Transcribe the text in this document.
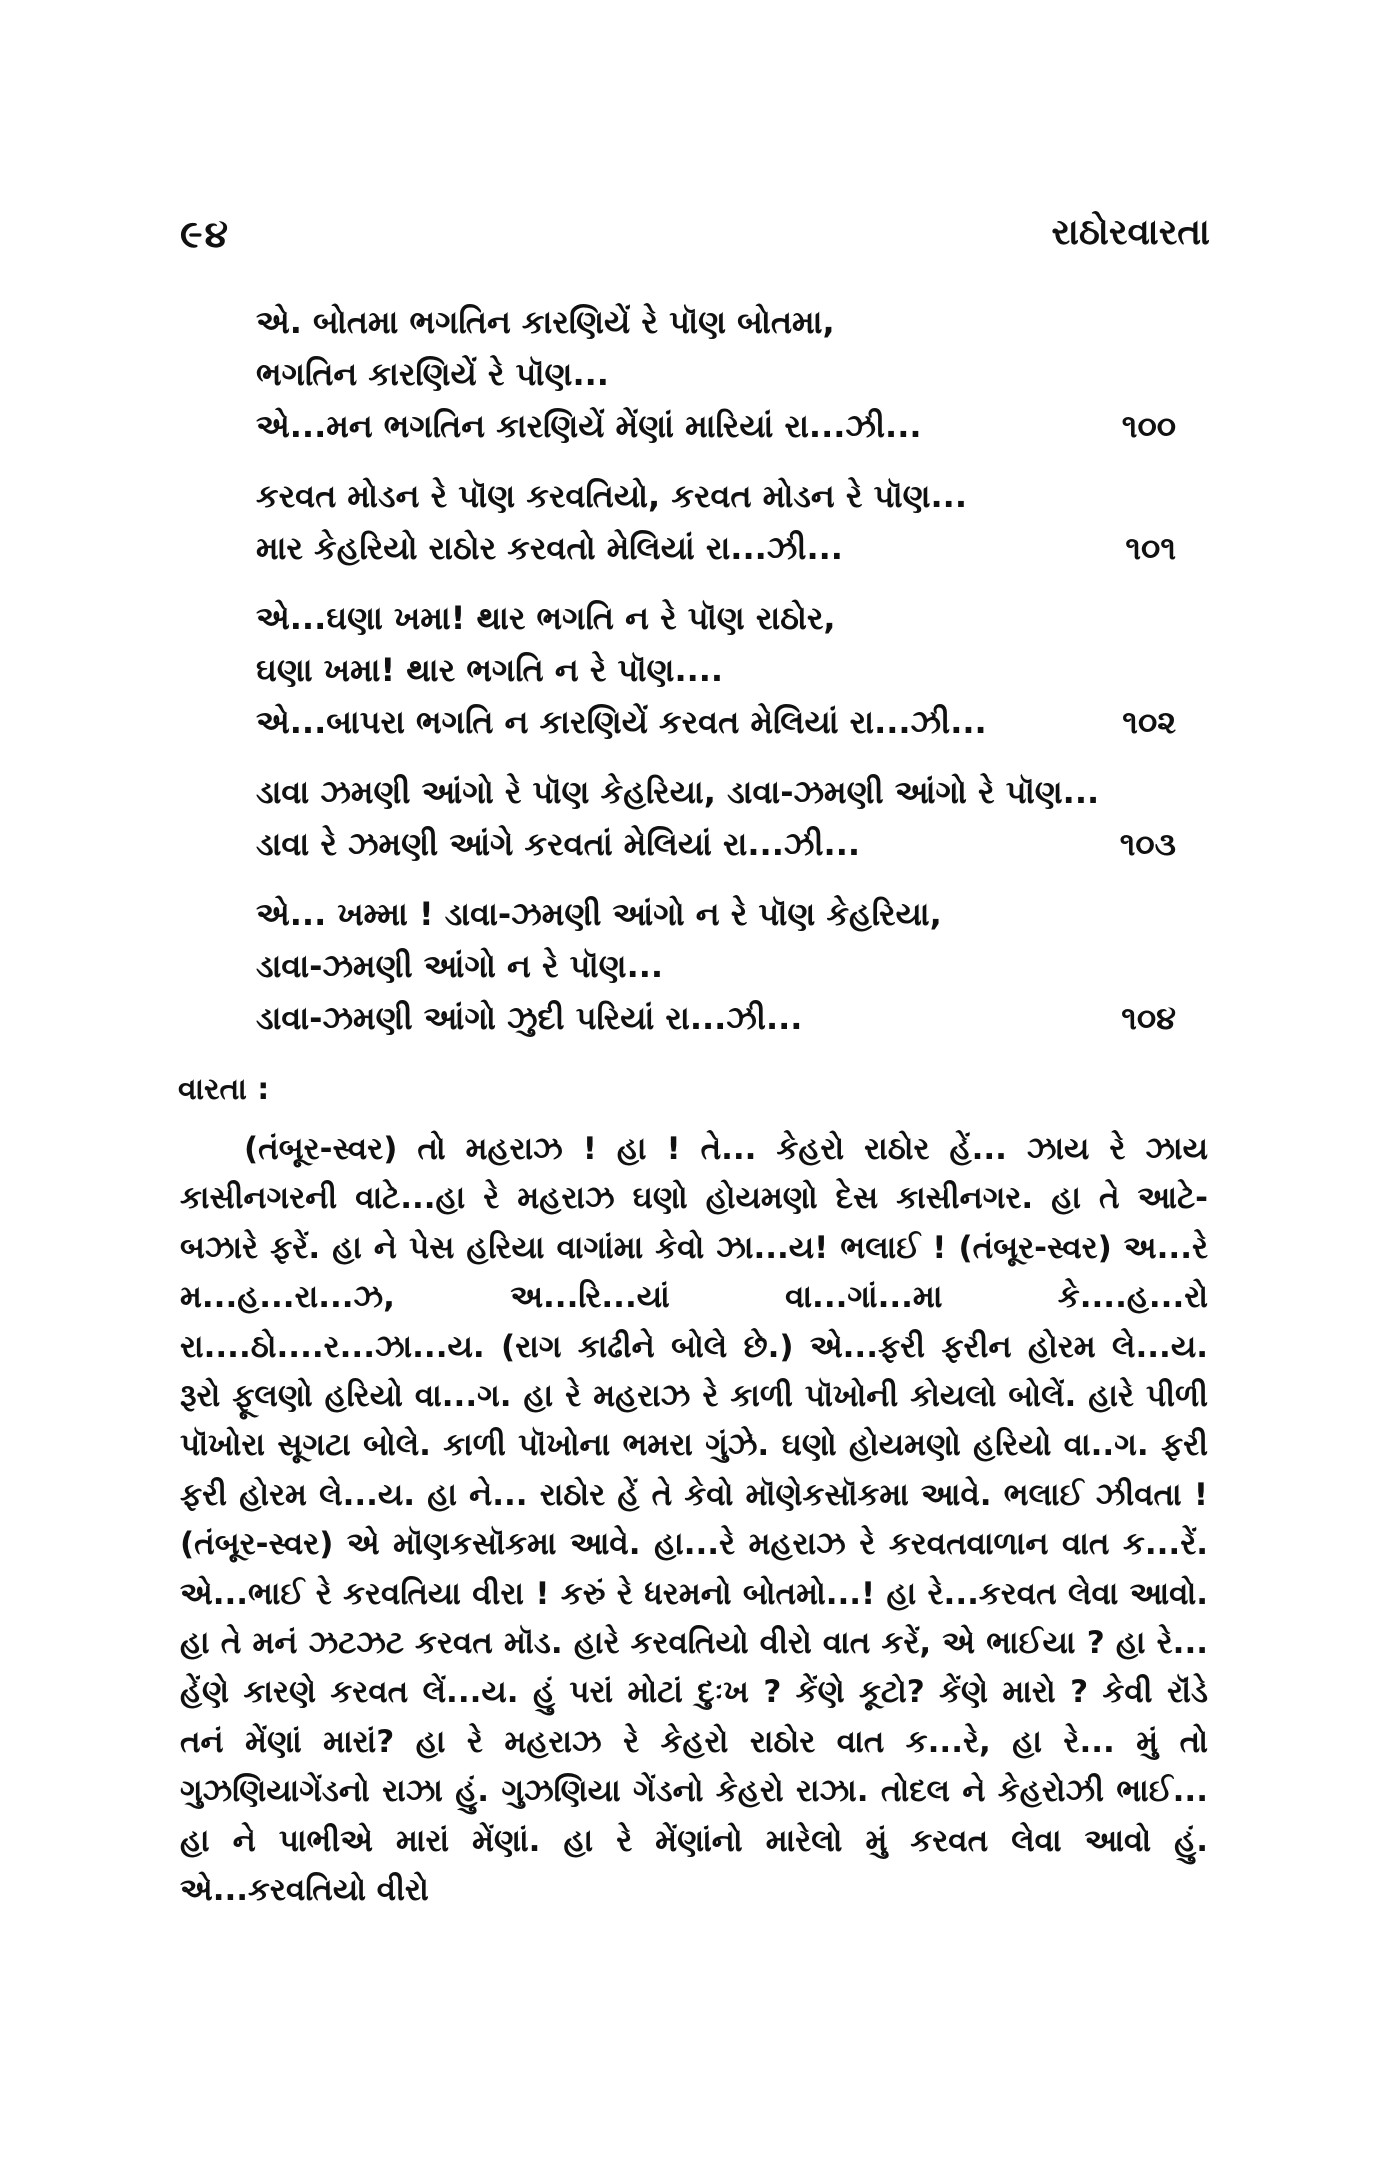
૯૪	રાઠોરવારતા
એ. બોતમા ભગતિન કારણિયેં રે પૉણ બોતમા,
ભગતિન કારણિયેં રે પૉણ...
એ...મન ભગતિન કારણિયેં મેંણાં મારિયાં રા...ઝી...	૧૦૦
કરવત મોડન રે પૉણ કરવતિયો, કરવત મોડન રે પૉણ...
માર કેહરિયો રાઠોર કરવતો મેલિયાં રા...ઝી...	૧૦૧
એ...ઘણા ખમા! થાર ભગતિ ન રે પૉણ રાઠોર,
ઘણા ખમા! થાર ભગતિ ન રે પૉણ....
એ...બાપરા ભગતિ ન કારણિયેં કરવત મેલિયાં રા...ઝી...	૧૦૨
ડાવા ઝમણી આંગો રે પૉણ કેહરિયા, ડાવા-ઝમણી આંગો રે પૉણ...
ડાવા રે ઝમણી આંગે કરવતાં મેલિયાં રા...ઝી...	૧૦૩
એ... ખમ્મા ! ડાવા-ઝમણી આંગો ન રે પૉણ કેહરિયા,
ડાવા-ઝમણી આંગો ન રે પૉણ...
ડાવા-ઝમણી આંગો ઝુદી પરિયાં રા...ઝી...	૧૦૪
વારતા :

(તંબૂર-સ્વર) તો મહરાઝ ! હા ! તે... કેહરો રાઠોર હેં... ઝાય રે ઝાય કાસીનગરની વાટે...હા રે મહરાઝ ઘણો હોયમણો દેસ કાસીનગર. હા તે આટે-બઝારે ફરેં. હા ને પેસ હરિયા વાગાંમા કેવો ઝા...ય! ભલાઈ ! (તંબૂર-સ્વર) અ...રે મ...હ...રા...ઝ, અ...રિ...યાં વા...ગાં...મા કે....હ...રો રા....ઠો....ર...ઝા...ય. (રાગ કાઢીને બોલે છે.) એ...ફરી ફરીન હોરમ લે...ય. રૂરો ફૂલણો હરિયો વા...ગ. હા રે મહરાઝ રે કાળી પૉખોની કોયલો બોલેં. હારે પીળી પૉખોરા સૂગટા બોલે. કાળી પૉખોના ભમરા ગુંઝે. ઘણો હોયમણો હરિયો વા..ગ. ફરી ફરી હોરમ લે...ય. હા ને... રાઠોર હેં તે કેવો મૉણેકસૉકમા આવે. ભલાઈ ઝીવતા ! (તંબૂર-સ્વર) એ મૉણકસૉકમા આવે. હા...રે મહરાઝ રે કરવતવાળાન વાત ક...રેં. એ...ભાઈ રે કરવતિયા વીરા ! કરું રે ધરમનો બોતમો...! હા રે...કરવત લેવા આવો. હા તે મનં ઝટઝટ કરવત મૉડ. હારે કરવતિયો વીરો વાત કરેં, એ ભાઈયા ? હા રે... હેંણે કારણે કરવત લેં...ય. હું પરાં મોટાં દુઃખ ? કેંણે કૂટો? કેંણે મારો ? કેવી રૉંડે તનં મેંણાં મારાં? હા રે મહરાઝ રે કેહરો રાઠોર વાત ક...રે, હા રે... મું તો ગુઝણિયાગેંડનો રાઝા હું. ગુઝણિયા ગેંડનો કેહરો રાઝા. તોદલ ને કેહરોઝી ભાઈ... હા ને પાભીએ મારાં મેંણાં. હા રે મેંણાંનો મારેલો મું કરવત લેવા આવો હું. એ...કરવતિયો વીરો
